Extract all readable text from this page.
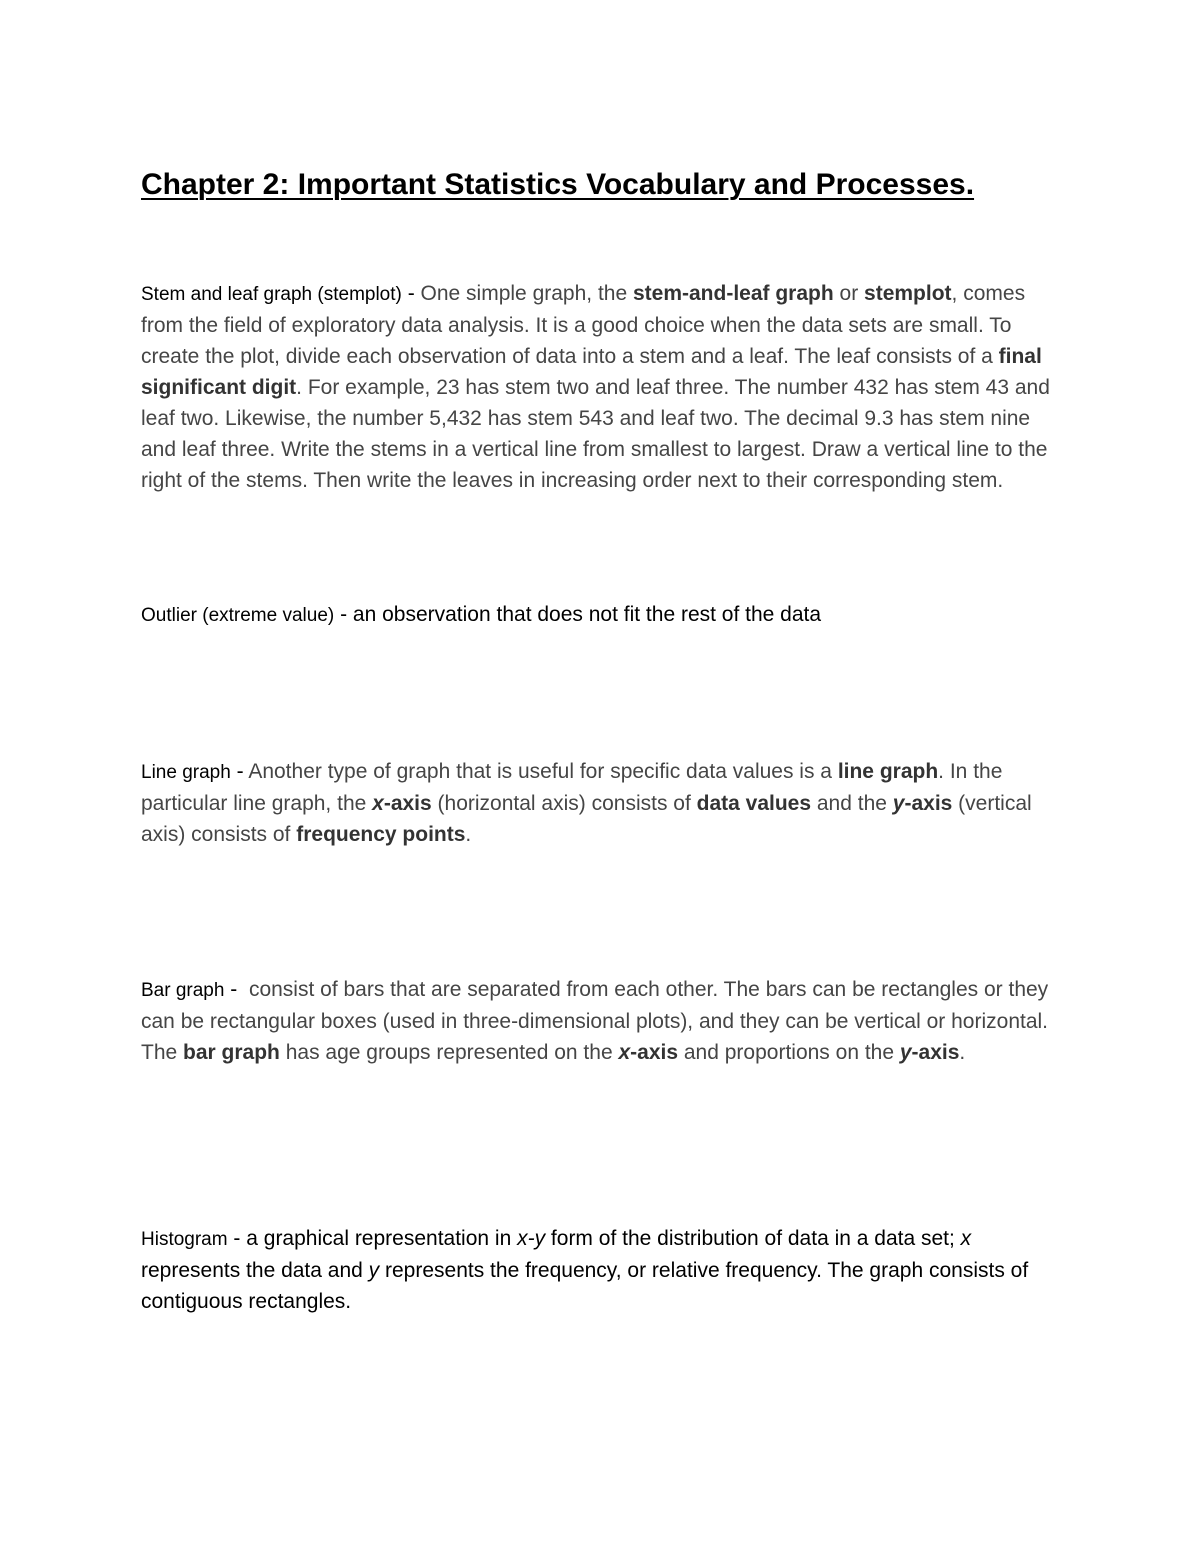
Chapter 2: Important Statistics Vocabulary and Processes.

Stem and leaf graph (stemplot) - One simple graph, the stem-and-leaf graph or stemplot, comes from the field of exploratory data analysis. It is a good choice when the data sets are small. To create the plot, divide each observation of data into a stem and a leaf. The leaf consists of a final significant digit. For example, 23 has stem two and leaf three. The number 432 has stem 43 and leaf two. Likewise, the number 5,432 has stem 543 and leaf two. The decimal 9.3 has stem nine and leaf three. Write the stems in a vertical line from smallest to largest. Draw a vertical line to the right of the stems. Then write the leaves in increasing order next to their corresponding stem.

Outlier (extreme value) - an observation that does not fit the rest of the data

Line graph - Another type of graph that is useful for specific data values is a line graph. In the particular line graph, the x-axis (horizontal axis) consists of data values and the y-axis (vertical axis) consists of frequency points.

Bar graph -  consist of bars that are separated from each other. The bars can be rectangles or they can be rectangular boxes (used in three-dimensional plots), and they can be vertical or horizontal. The bar graph has age groups represented on the x-axis and proportions on the y-axis.

Histogram - a graphical representation in x-y form of the distribution of data in a data set; x represents the data and y represents the frequency, or relative frequency. The graph consists of contiguous rectangles.
